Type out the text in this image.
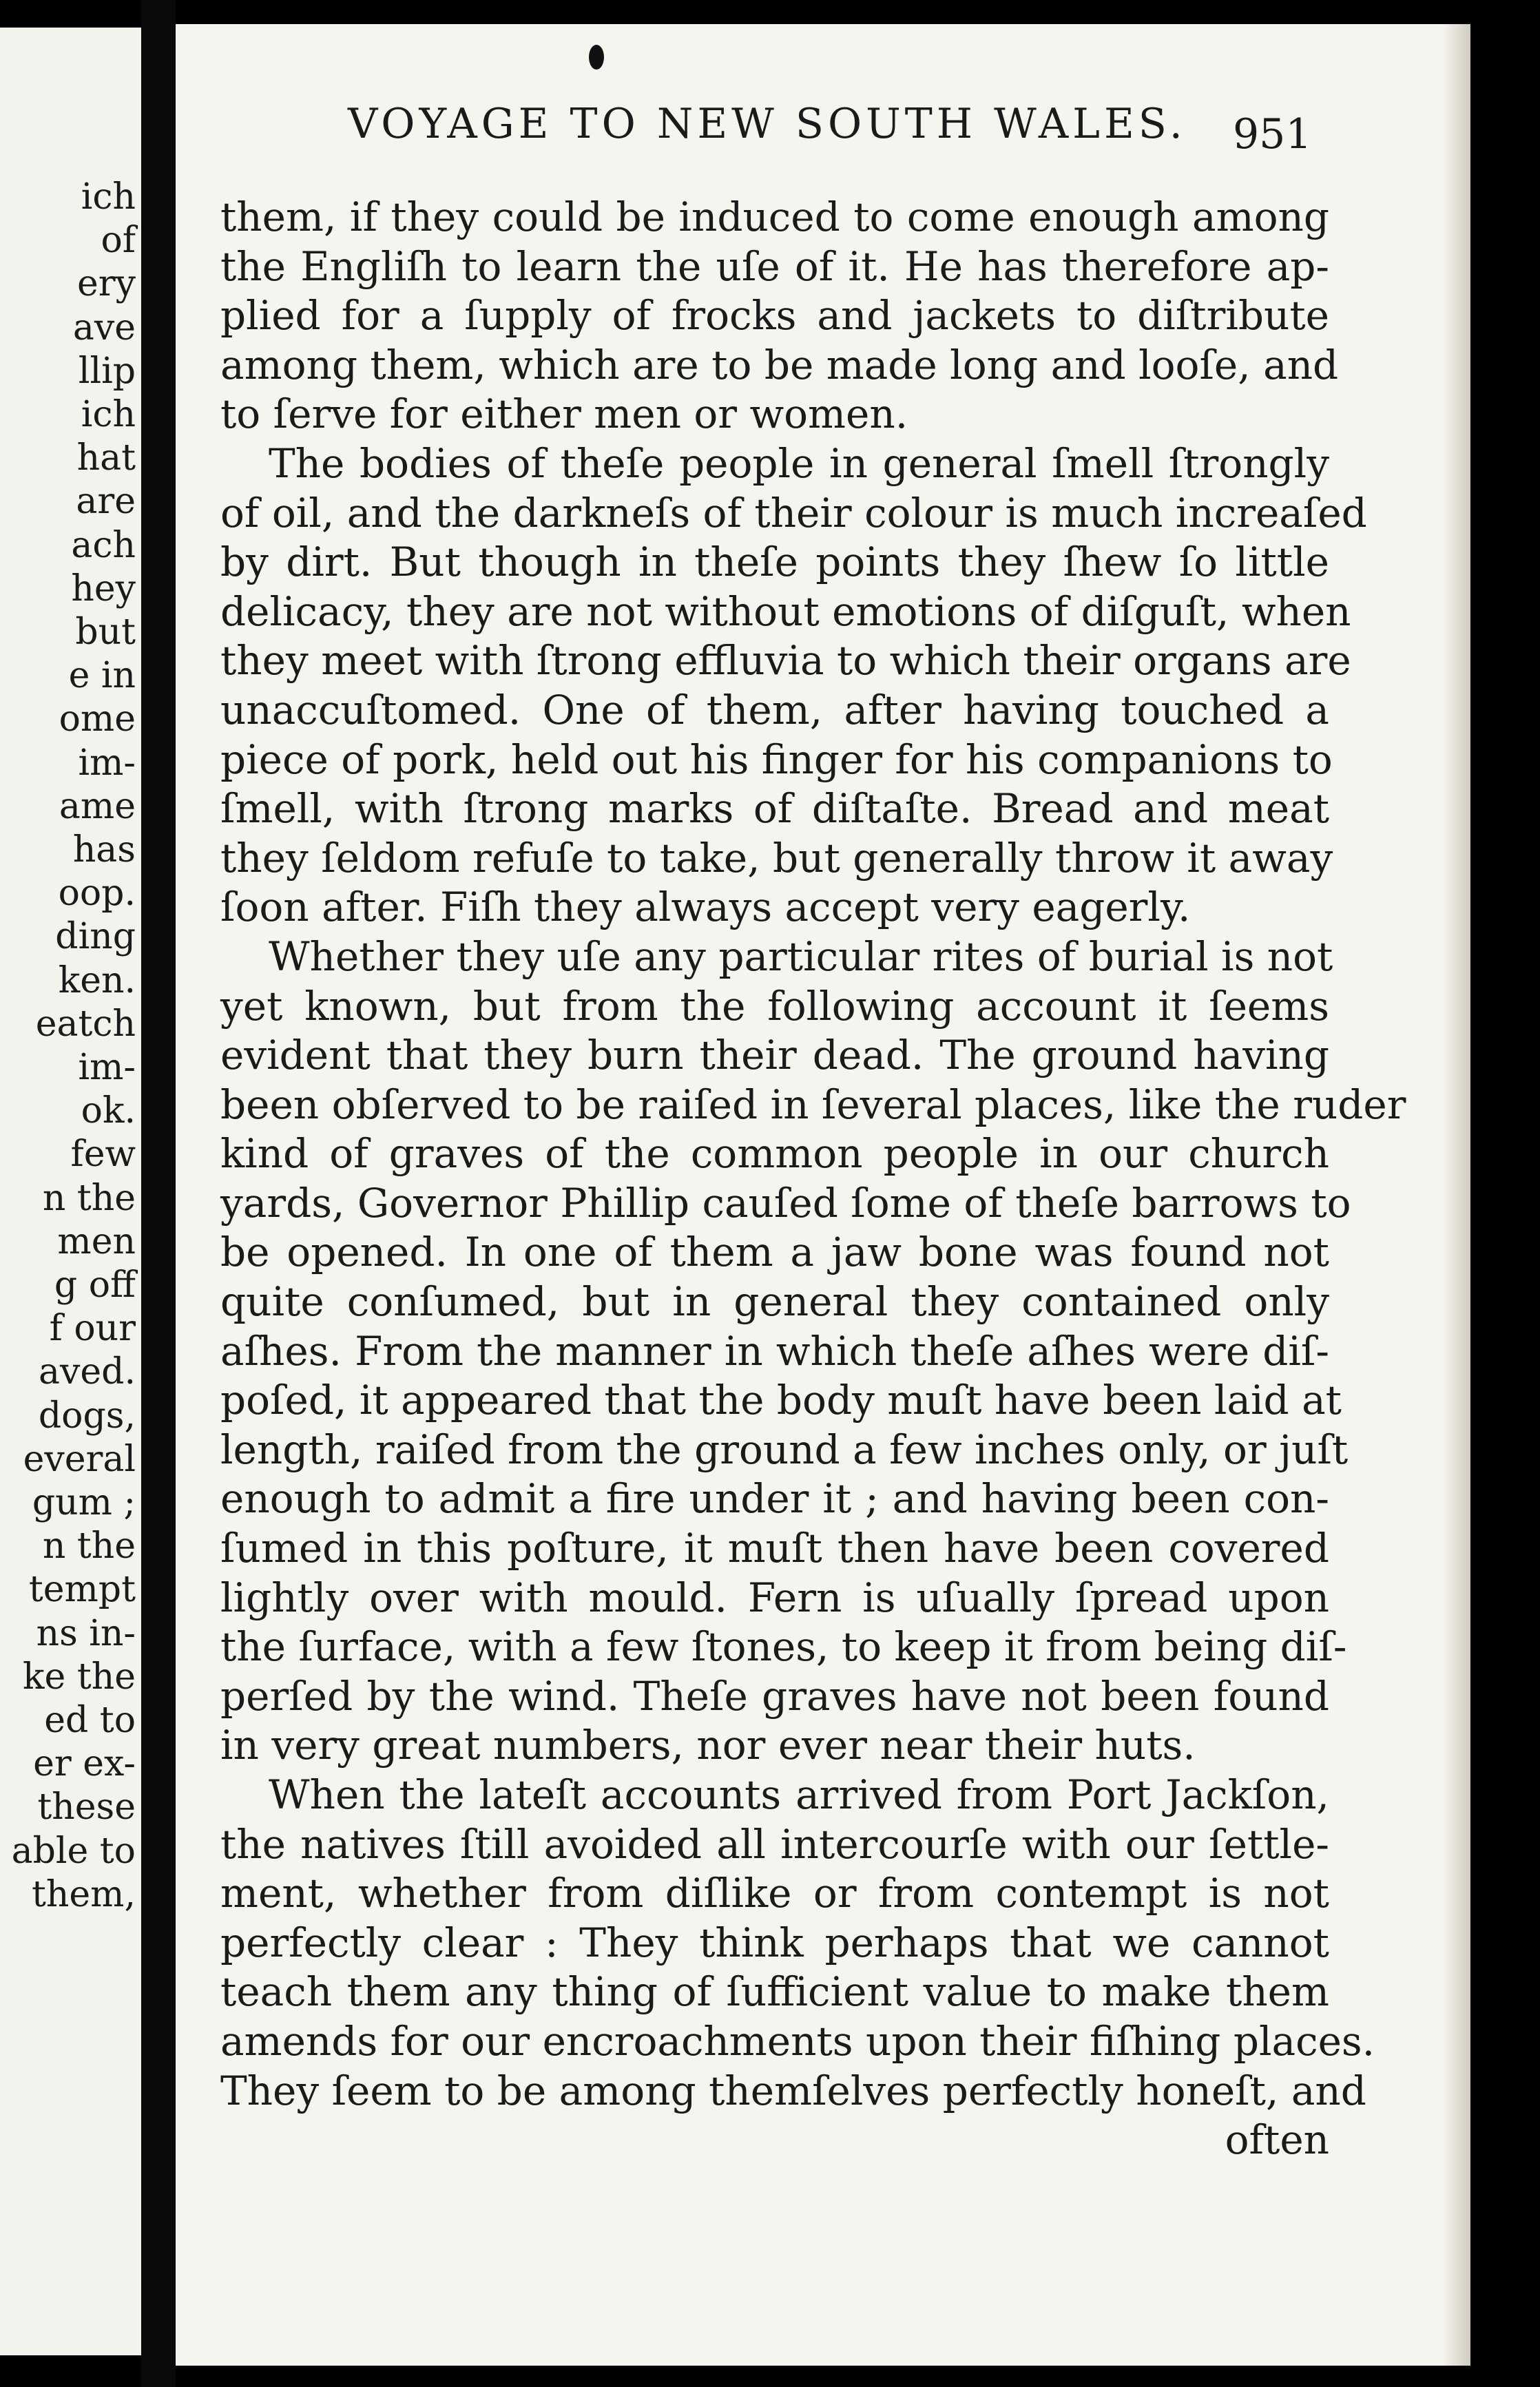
ich
of
ery
ave
llip
ich
hat
are
ach
hey
but
e in
ome
im-
ame
has
oop.
ding
ken.
eatch
im-
ok.
few
n the
men
g off
f our
aved.
dogs,
everal
gum ;
n the
tempt
ns in-
ke the
ed to
er ex-
these
able to
them,
VOYAGE TO NEW SOUTH WALES. 951
them, if they could be induced to come enough among
the Engliſh to learn the uſe of it. He has therefore ap-
plied for a ſupply of frocks and jackets to diſtribute
among them, which are to be made long and looſe, and
to ſerve for either men or women.
The bodies of theſe people in general ſmell ſtrongly
of oil, and the darkneſs of their colour is much increaſed
by dirt. But though in theſe points they ſhew ſo little
delicacy, they are not without emotions of diſguſt, when
they meet with ſtrong effluvia to which their organs are
unaccuſtomed. One of them, after having touched a
piece of pork, held out his finger for his companions to
ſmell, with ſtrong marks of diſtaſte. Bread and meat
they ſeldom refuſe to take, but generally throw it away
ſoon after. Fiſh they always accept very eagerly.
Whether they uſe any particular rites of burial is not
yet known, but from the following account it ſeems
evident that they burn their dead. The ground having
been obſerved to be raiſed in ſeveral places, like the ruder
kind of graves of the common people in our church
yards, Governor Phillip cauſed ſome of theſe barrows to
be opened. In one of them a jaw bone was found not
quite conſumed, but in general they contained only
aſhes. From the manner in which theſe aſhes were diſ-
poſed, it appeared that the body muſt have been laid at
length, raiſed from the ground a few inches only, or juſt
enough to admit a fire under it ; and having been con-
ſumed in this poſture, it muſt then have been covered
lightly over with mould. Fern is uſually ſpread upon
the ſurface, with a few ſtones, to keep it from being diſ-
perſed by the wind. Theſe graves have not been found
in very great numbers, nor ever near their huts.
When the lateſt accounts arrived from Port Jackſon,
the natives ſtill avoided all intercourſe with our ſettle-
ment, whether from diſlike or from contempt is not
perfectly clear : They think perhaps that we cannot
teach them any thing of ſufficient value to make them
amends for our encroachments upon their fiſhing places.
They ſeem to be among themſelves perfectly honeſt, and
often
